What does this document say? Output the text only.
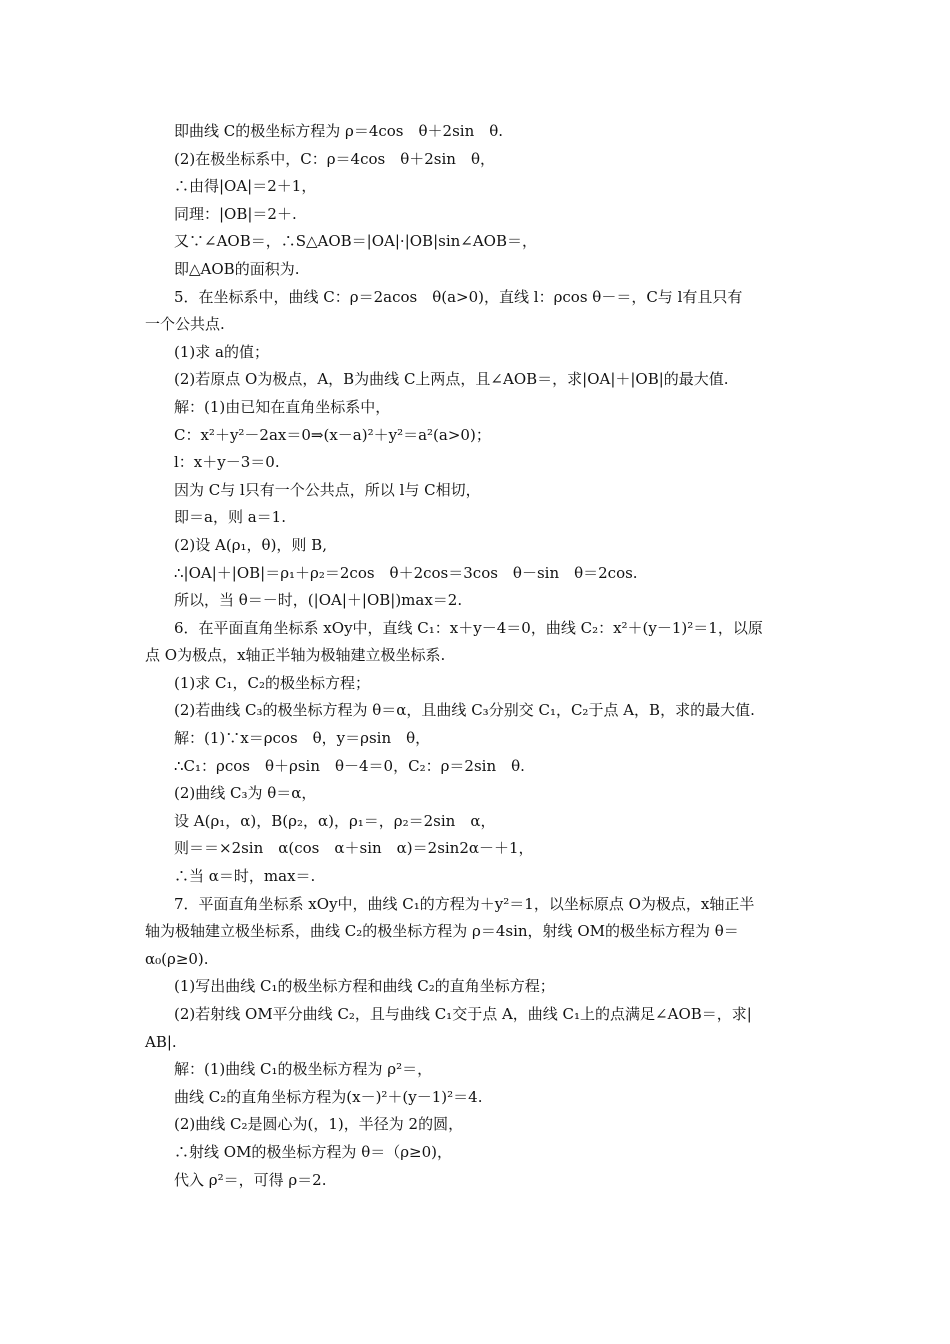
即曲线 C的极坐标方程为 ρ＝4cos　θ＋2sin　θ.
(2)在极坐标系中，C：ρ＝4cos　θ＋2sin　θ，
∴由得|OA|＝2＋1，
同理：|OB|＝2＋.
又∵∠AOB＝，∴S△AOB＝|OA|·|OB|sin∠AOB＝，
即△AOB的面积为.
5．在坐标系中，曲线 C：ρ＝2acos　θ(a>0)，直线 l：ρcos θ－＝，C与 l有且只有
一个公共点.
(1)求 a的值；
(2)若原点 O为极点，A，B为曲线 C上两点，且∠AOB＝，求|OA|＋|OB|的最大值.
解：(1)由已知在直角坐标系中，
C：x²＋y²－2ax＝0⇒(x－a)²＋y²＝a²(a>0)；
l：x＋y－3＝0.
因为 C与 l只有一个公共点，所以 l与 C相切，
即＝a，则 a＝1.
(2)设 A(ρ₁，θ)，则 B,
∴|OA|＋|OB|＝ρ₁＋ρ₂＝2cos　θ＋2cos＝3cos　θ－sin　θ＝2cos.
所以，当 θ＝－时，(|OA|＋|OB|)max＝2.
6．在平面直角坐标系 xOy中，直线 C₁：x＋y－4＝0，曲线 C₂：x²＋(y－1)²＝1，以原
点 O为极点，x轴正半轴为极轴建立极坐标系.
(1)求 C₁，C₂的极坐标方程；
(2)若曲线 C₃的极坐标方程为 θ＝α，且曲线 C₃分别交 C₁，C₂于点 A，B，求的最大值.
解：(1)∵x＝ρcos　θ，y＝ρsin　θ，
∴C₁：ρcos　θ＋ρsin　θ－4＝0，C₂：ρ＝2sin　θ.
(2)曲线 C₃为 θ＝α，
设 A(ρ₁，α)，B(ρ₂，α)，ρ₁＝，ρ₂＝2sin　α，
则＝＝×2sin　α(cos　α＋sin　α)＝2sin2α－＋1，
∴当 α＝时，max＝.
7．平面直角坐标系 xOy中，曲线 C₁的方程为＋y²＝1，以坐标原点 O为极点，x轴正半
轴为极轴建立极坐标系，曲线 C₂的极坐标方程为 ρ＝4sin，射线 OM的极坐标方程为 θ＝
α₀(ρ≥0).
(1)写出曲线 C₁的极坐标方程和曲线 C₂的直角坐标方程；
(2)若射线 OM平分曲线 C₂，且与曲线 C₁交于点 A，曲线 C₁上的点满足∠AOB＝，求|
AB|.
解：(1)曲线 C₁的极坐标方程为 ρ²＝，
曲线 C₂的直角坐标方程为(x－)²＋(y－1)²＝4.
(2)曲线 C₂是圆心为(，1)，半径为 2的圆，
∴射线 OM的极坐标方程为 θ＝（ρ≥0)，
代入 ρ²＝，可得 ρ＝2.
